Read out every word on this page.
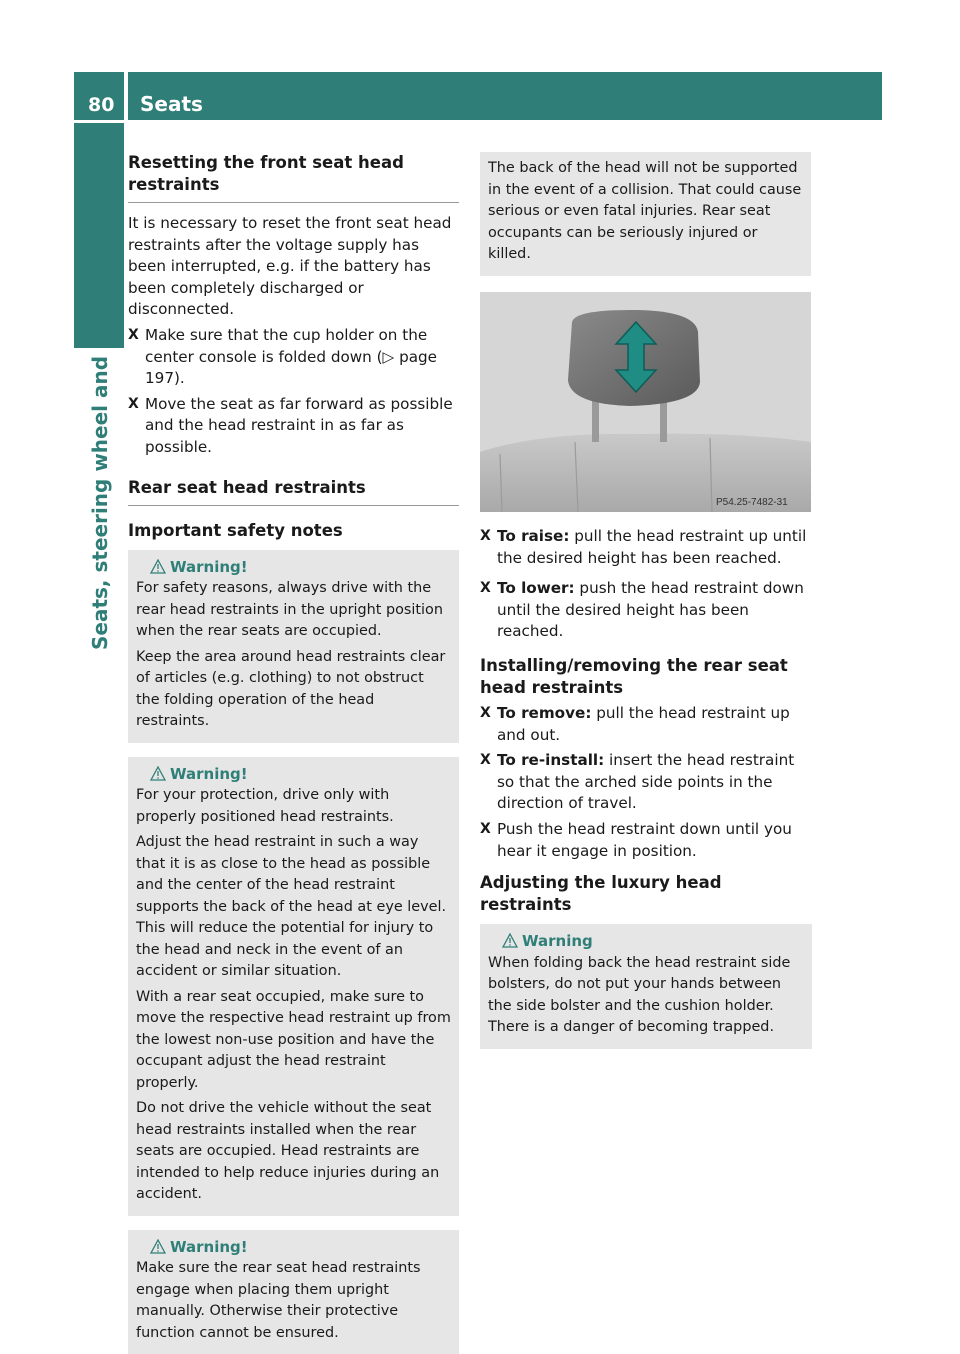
80 Seats
Seats, steering wheel and mirrors
Resetting the front seat head restraints

It is necessary to reset the front seat head restraints after the voltage supply has been interrupted, e.g. if the battery has been completely discharged or disconnected.

X Make sure that the cup holder on the center console is folded down (▷ page 197).
X Move the seat as far forward as possible and the head restraint in as far as possible.
Rear seat head restraints
Important safety notes
Warning!

For safety reasons, always drive with the rear head restraints in the upright position when the rear seats are occupied.

Keep the area around head restraints clear of articles (e.g. clothing) to not obstruct the folding operation of the head restraints.

Warning!

For your protection, drive only with properly positioned head restraints.

Adjust the head restraint in such a way that it is as close to the head as possible and the center of the head restraint supports the back of the head at eye level. This will reduce the potential for injury to the head and neck in the event of an accident or similar situation.

With a rear seat occupied, make sure to move the respective head restraint up from the lowest non-use position and have the occupant adjust the head restraint properly.

Do not drive the vehicle without the seat head restraints installed when the rear seats are occupied. Head restraints are intended to help reduce injuries during an accident.

Warning!

Make sure the rear seat head restraints engage when placing them upright manually. Otherwise their protective function cannot be ensured.

The back of the head will not be supported in the event of a collision. That could cause serious or even fatal injuries. Rear seat occupants can be seriously injured or killed.

P54.25-7482-31
X To raise: pull the head restraint up until the desired height has been reached.
X To lower: push the head restraint down until the desired height has been reached.
Installing/removing the rear seat head restraints
X To remove: pull the head restraint up and out.
X To re-install: insert the head restraint so that the arched side points in the direction of travel.
X Push the head restraint down until you hear it engage in position.
Adjusting the luxury head restraints
Warning

When folding back the head restraint side bolsters, do not put your hands between the side bolster and the cushion holder. There is a danger of becoming trapped.
